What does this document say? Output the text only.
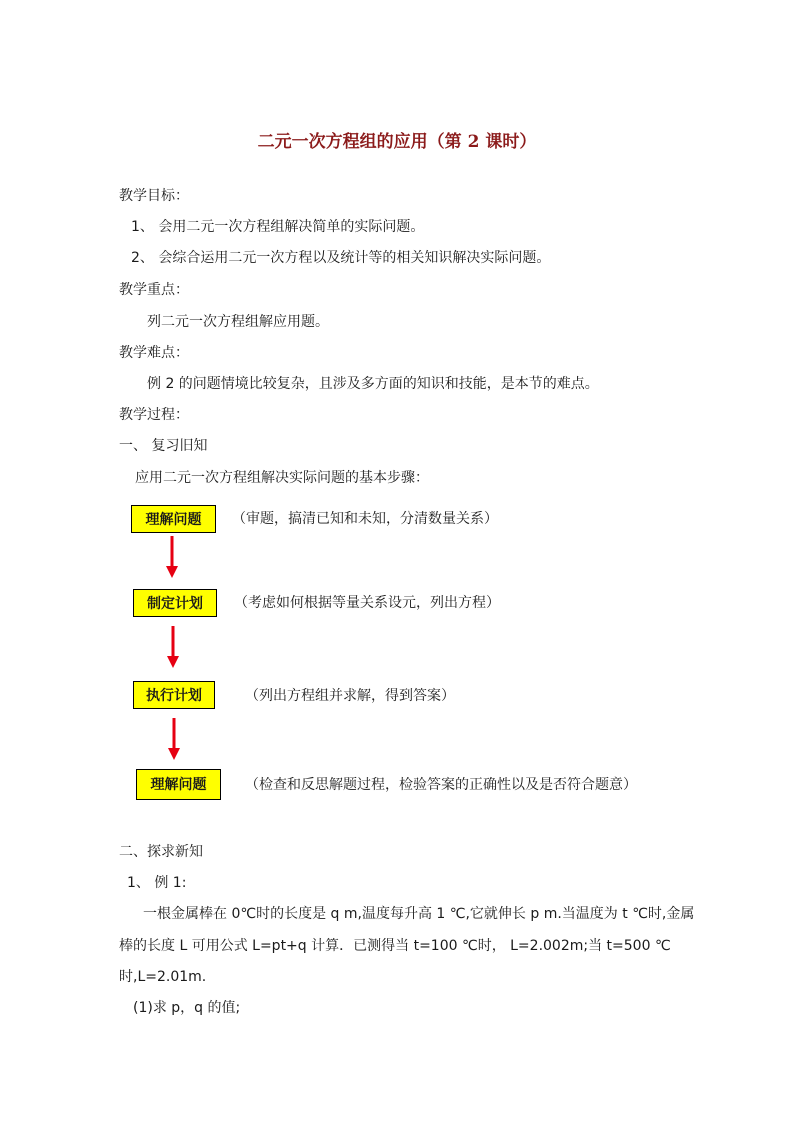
二元一次方程组的应用（第 2 课时）
教学目标：
1、 会用二元一次方程组解决简单的实际问题。
2、 会综合运用二元一次方程以及统计等的相关知识解决实际问题。
教学重点：
列二元一次方程组解应用题。
教学难点：
例 2 的问题情境比较复杂，且涉及多方面的知识和技能，是本节的难点。
教学过程：
一、 复习旧知
应用二元一次方程组解决实际问题的基本步骤：
理解问题	（审题，搞清已知和未知，分清数量关系）
制定计划	（考虑如何根据等量关系设元，列出方程）
执行计划	（列出方程组并求解，得到答案）
理解问题	（检查和反思解题过程，检验答案的正确性以及是否符合题意）
二、探求新知
1、 例 1:
一根金属棒在 0℃时的长度是 q m,温度每升高 1 ℃,它就伸长 p m.当温度为 t ℃时,金属
棒的长度 L 可用公式 L=pt+q 计算．已测得当 t=100 ℃时， L=2.002m;当 t=500 ℃
时,L=2.01m.
(1)求 p，q 的值;
